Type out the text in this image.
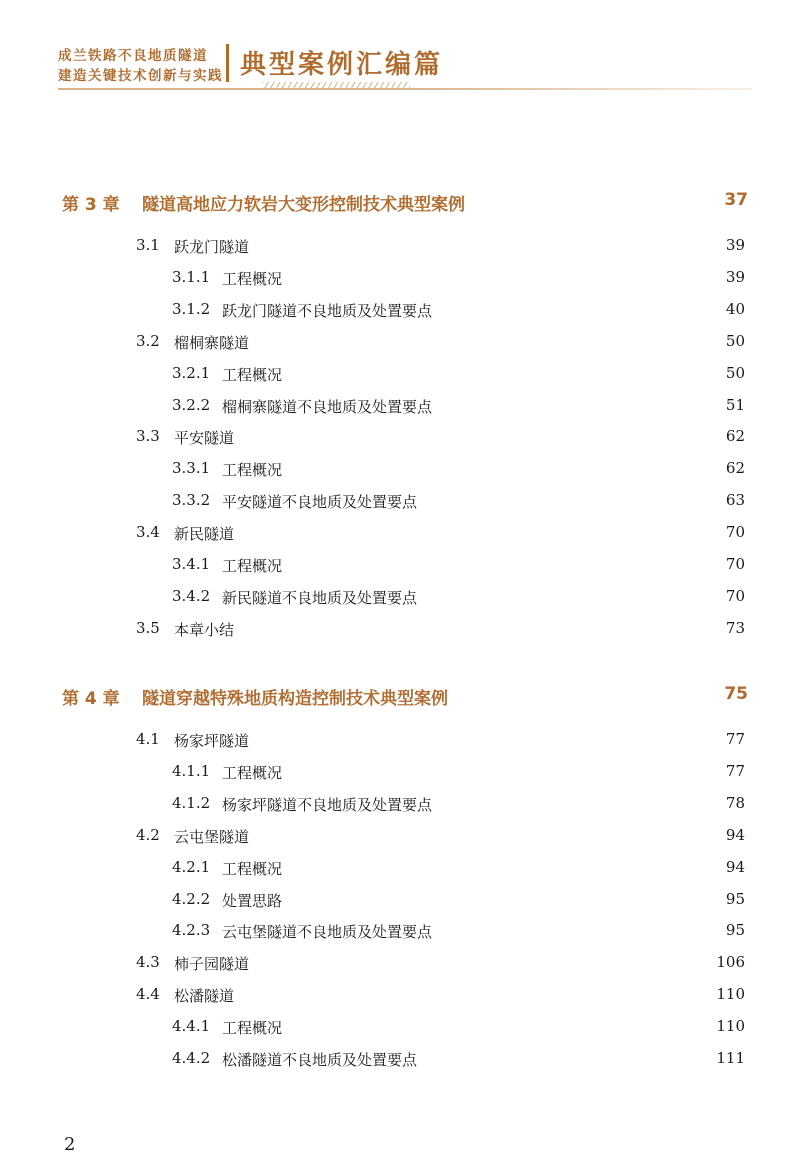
成兰铁路不良地质隧道
建造关键技术创新与实践 典型案例汇编篇
第 3 章 隧道高地应力软岩大变形控制技术典型案例	37
3.1 跃龙门隧道	39
3.1.1 工程概况	39
3.1.2 跃龙门隧道不良地质及处置要点	40
3.2 榴桐寨隧道	50
3.2.1 工程概况	50
3.2.2 榴桐寨隧道不良地质及处置要点	51
3.3 平安隧道	62
3.3.1 工程概况	62
3.3.2 平安隧道不良地质及处置要点	63
3.4 新民隧道	70
3.4.1 工程概况	70
3.4.2 新民隧道不良地质及处置要点	70
3.5 本章小结	73
第 4 章 隧道穿越特殊地质构造控制技术典型案例	75
4.1 杨家坪隧道	77
4.1.1 工程概况	77
4.1.2 杨家坪隧道不良地质及处置要点	78
4.2 云屯堡隧道	94
4.2.1 工程概况	94
4.2.2 处置思路	95
4.2.3 云屯堡隧道不良地质及处置要点	95
4.3 柿子园隧道	106
4.4 松潘隧道	110
4.4.1 工程概况	110
4.4.2 松潘隧道不良地质及处置要点	111
2
